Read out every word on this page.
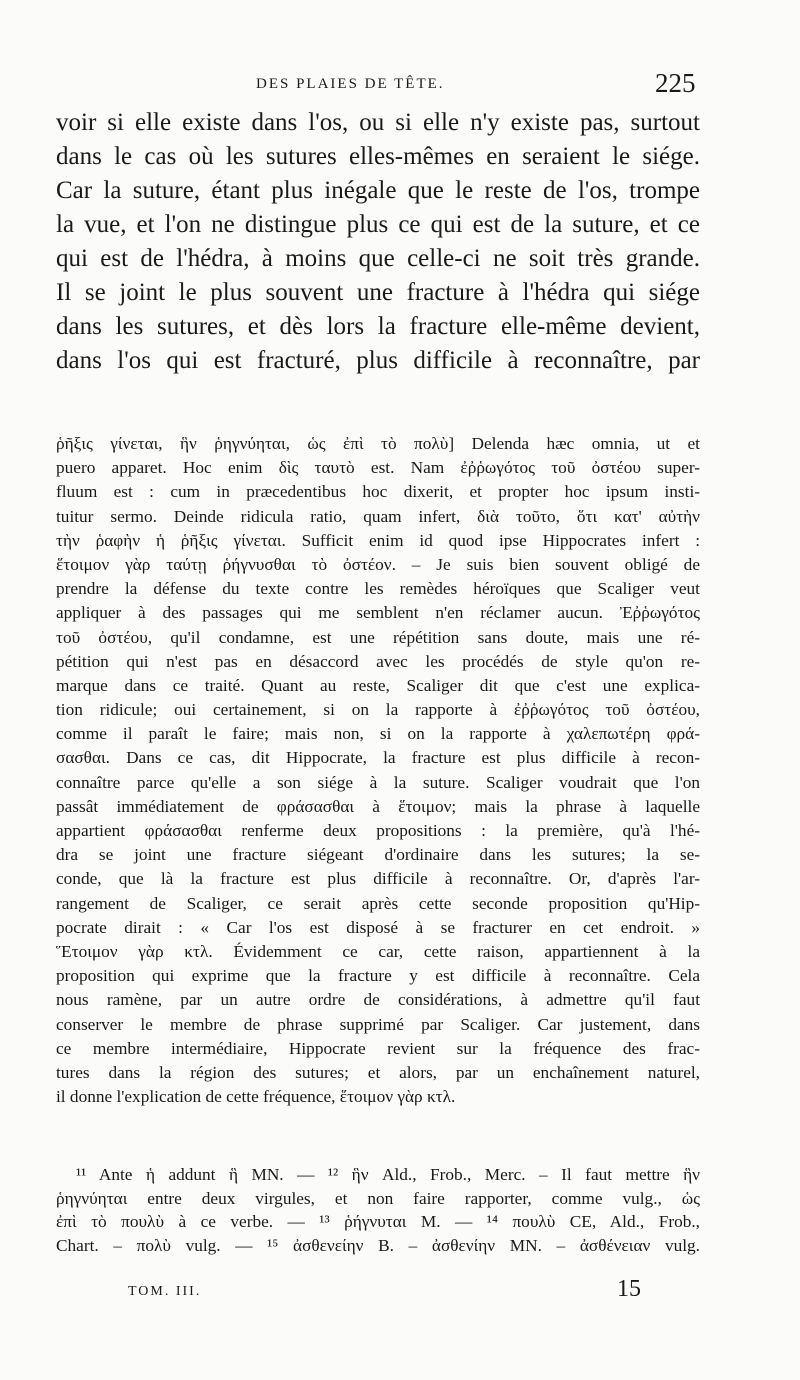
DES PLAIES DE TÊTE.	225
voir si elle existe dans l'os, ou si elle n'y existe pas, surtout
dans le cas où les sutures elles-mêmes en seraient le siége.
Car la suture, étant plus inégale que le reste de l'os, trompe
la vue, et l'on ne distingue plus ce qui est de la suture, et ce
qui est de l'hédra, à moins que celle-ci ne soit très grande.
Il se joint le plus souvent une fracture à l'hédra qui siége
dans les sutures, et dès lors la fracture elle-même devient,
dans l'os qui est fracturé, plus difficile à reconnaître, par
ῥῆξις γίνεται, ἣν ῥηγνύηται, ὡς ἐπὶ τὸ πολὺ] Delenda hæc omnia, ut et
puero apparet. Hoc enim δὶς ταυτὸ est. Nam ἐῤῥωγότος τοῦ ὀστέου super-
fluum est : cum in præcedentibus hoc dixerit, et propter hoc ipsum insti-
tuitur sermo. Deinde ridicula ratio, quam infert, διὰ τοῦτο, ὅτι κατ' αὐτὴν
τὴν ῥαφὴν ἡ ῥῆξις γίνεται. Sufficit enim id quod ipse Hippocrates infert :
ἕτοιμον γὰρ ταύτῃ ῥήγνυσθαι τὸ ὀστέον. – Je suis bien souvent obligé de
prendre la défense du texte contre les remèdes héroïques que Scaliger veut
appliquer à des passages qui me semblent n'en réclamer aucun. Ἐῤῥωγότος
τοῦ ὀστέου, qu'il condamne, est une répétition sans doute, mais une ré-
pétition qui n'est pas en désaccord avec les procédés de style qu'on re-
marque dans ce traité. Quant au reste, Scaliger dit que c'est une explica-
tion ridicule; oui certainement, si on la rapporte à ἐῤῥωγότος τοῦ ὀστέου,
comme il paraît le faire; mais non, si on la rapporte à χαλεπωτέρη φρά-
σασθαι. Dans ce cas, dit Hippocrate, la fracture est plus difficile à recon-
connaître parce qu'elle a son siége à la suture. Scaliger voudrait que l'on
passât immédiatement de φράσασθαι à ἕτοιμον; mais la phrase à laquelle
appartient φράσασθαι renferme deux propositions : la première, qu'à l'hé-
dra se joint une fracture siégeant d'ordinaire dans les sutures; la se-
conde, que là la fracture est plus difficile à reconnaître. Or, d'après l'ar-
rangement de Scaliger, ce serait après cette seconde proposition qu'Hip-
pocrate dirait : « Car l'os est disposé à se fracturer en cet endroit. »
Ἕτοιμον γὰρ κτλ. Évidemment ce car, cette raison, appartiennent à la
proposition qui exprime que la fracture y est difficile à reconnaître. Cela
nous ramène, par un autre ordre de considérations, à admettre qu'il faut
conserver le membre de phrase supprimé par Scaliger. Car justement, dans
ce membre intermédiaire, Hippocrate revient sur la fréquence des frac-
tures dans la région des sutures; et alors, par un enchaînement naturel,
il donne l'explication de cette fréquence, ἕτοιμον γὰρ κτλ.
¹¹ Ante ἡ addunt ἣ MN. — ¹² ἣν Ald., Frob., Merc. – Il faut mettre ἣν
ῥηγνύηται entre deux virgules, et non faire rapporter, comme vulg., ὡς
ἐπὶ τὸ πουλὺ à ce verbe. — ¹³ ῥήγνυται M. — ¹⁴ πουλὺ CE, Ald., Frob.,
Chart. – πολὺ vulg. — ¹⁵ ἀσθενείην B. – ἀσθενίην MN. – ἀσθένειαν vulg.
TOM. III.	15
